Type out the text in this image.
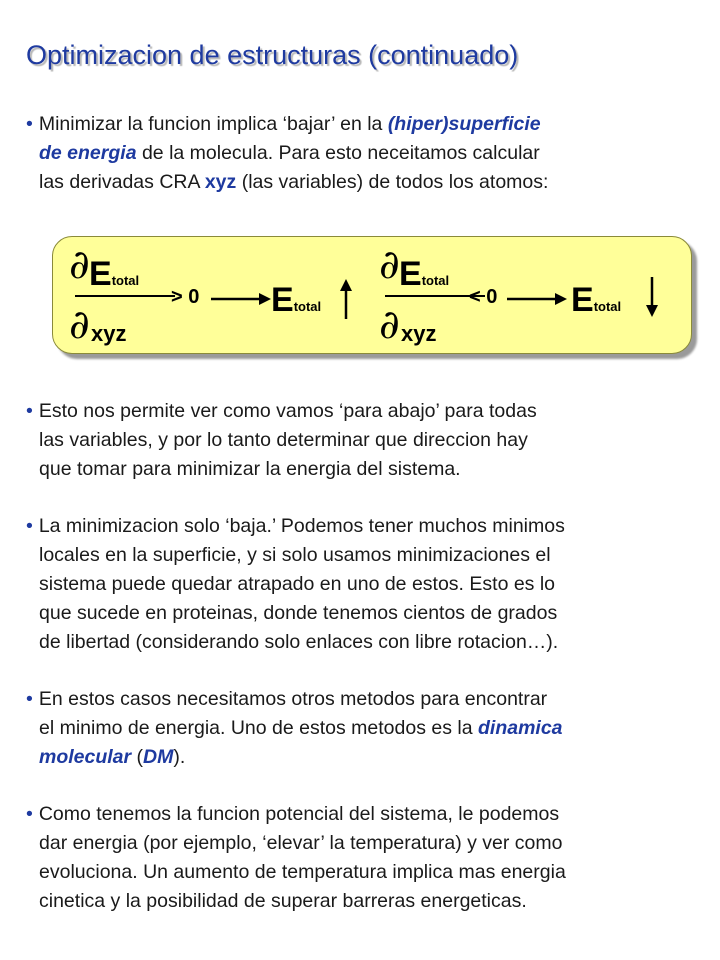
Optimizacion de estructuras (continuado)
• Minimizar la funcion implica ‘bajar’ en la (hiper)superficie
de energia de la molecula. Para esto neceitamos calcular
las derivadas CRA xyz (las variables) de todos los atomos:
∂ Etotal
∂ xyz
> 0 Etotal
∂ Etotal
∂ xyz
< 0 Etotal
• Esto nos permite ver como vamos ‘para abajo’ para todas
las variables, y por lo tanto determinar que direccion hay
que tomar para minimizar la energia del sistema.
• La minimizacion solo ‘baja.’ Podemos tener muchos minimos
locales en la superficie, y si solo usamos minimizaciones el
sistema puede quedar atrapado en uno de estos. Esto es lo
que sucede en proteinas, donde tenemos cientos de grados
de libertad (considerando solo enlaces con libre rotacion…).
• En estos casos necesitamos otros metodos para encontrar
el minimo de energia. Uno de estos metodos es la dinamica
molecular (DM).
• Como tenemos la funcion potencial del sistema, le podemos
dar energia (por ejemplo, ‘elevar’ la temperatura) y ver como
evoluciona. Un aumento de temperatura implica mas energia
cinetica y la posibilidad de superar barreras energeticas.
